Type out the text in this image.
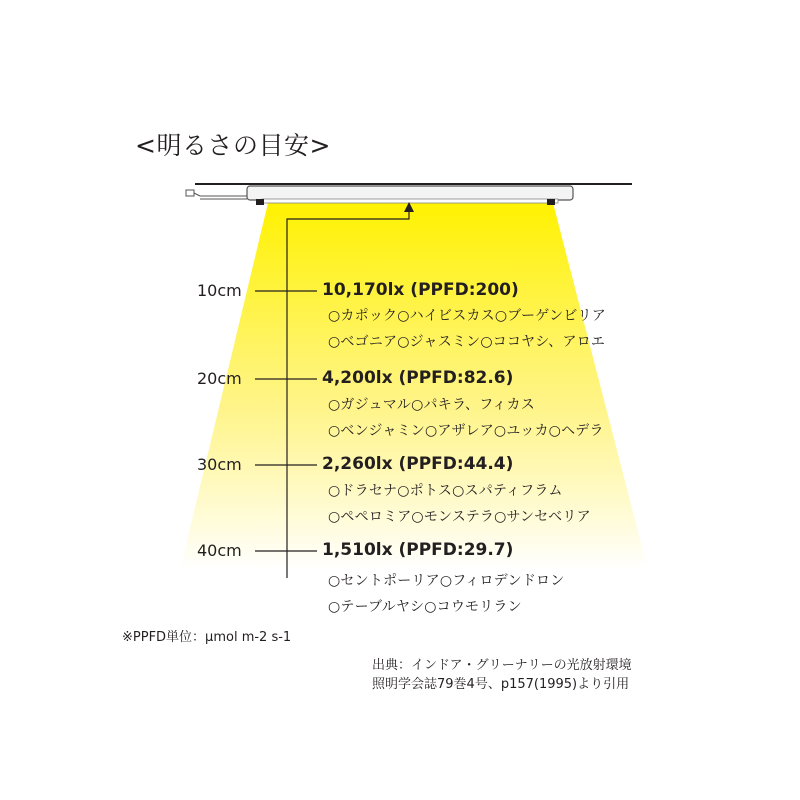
<明るさの目安>
10cm	10,170lx (PPFD:200)
○カポック○ハイビスカス○ブーゲンビリア
○ベゴニア○ジャスミン○ココヤシ、アロエ
20cm	4,200lx (PPFD:82.6)
○ガジュマル○パキラ、フィカス
○ベンジャミン○アザレア○ユッカ○ヘデラ
30cm	2,260lx (PPFD:44.4)
○ドラセナ○ポトス○スパティフラム
○ペペロミア○モンステラ○サンセベリア
40cm	1,510lx (PPFD:29.7)
○セントポーリア○フィロデンドロン
○テーブルヤシ○コウモリラン
※PPFD単位：μmol m-2 s-1
出典：インドア・グリーナリーの光放射環境
照明学会誌79巻4号、p157(1995)より引用
